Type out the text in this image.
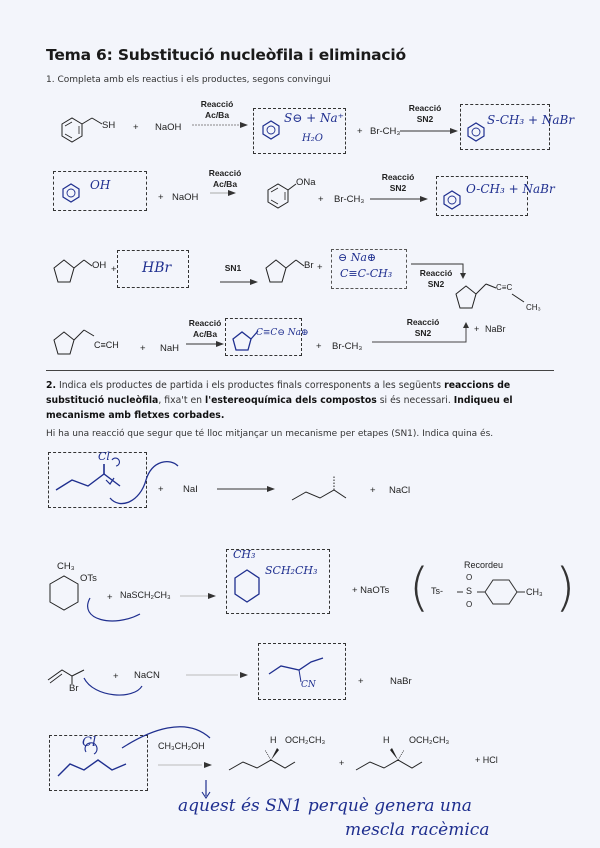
Tema 6: Substitució nucleòfila i eliminació
1. Completa amb els reactius i els productes, segons convingui
SH + NaOH
Reacció
Ac/Ba	S⊖ + Na⁺
H₂O
+ Br-CH₃
Reacció
SN2	S-CH₃ + NaBr
OH
+ NaOH
Reacció
Ac/Ba	ONa
+ Br-CH₃
Reacció
SN2	O-CH₃ + NaBr
OH + HBr	SN1	Br +
⊖ Na⊕
C≡C-CH₃ →
Reacció
SN2	C≡C
CH₃
C≡CH + NaH
Reacció
Ac/Ba	C≡C⊖ Na⊕
+ Br-CH₃
Reacció
SN2	+ NaBr
2. Indica els productes de partida i els productes finals corresponents a les següents reaccions de substitució nucleòfila, fixa't en l'estereoquímica dels compostos si és necessari. Indiqueu el mecanisme amb fletxes corbades.
Hi ha una reacció que segur que té lloc mitjançar un mecanisme per etapes (SN1). Indica quina és.
Cl
+ NaI →	+ NaCl
CH₃
OTs
+ NaSCH₂CH₃ →
CH₃
SCH₂CH₃
+ NaOTs ( )
Recordeu
Ts-	S
O
O
CH₃
Br
+ NaCN
CN	+	NaBr
Cl	CH₃CH₂OH
H OCH₂CH₃
+
H OCH₂CH₃
+ HCl
aquest és SN1 perquè genera una
mescla racèmica
